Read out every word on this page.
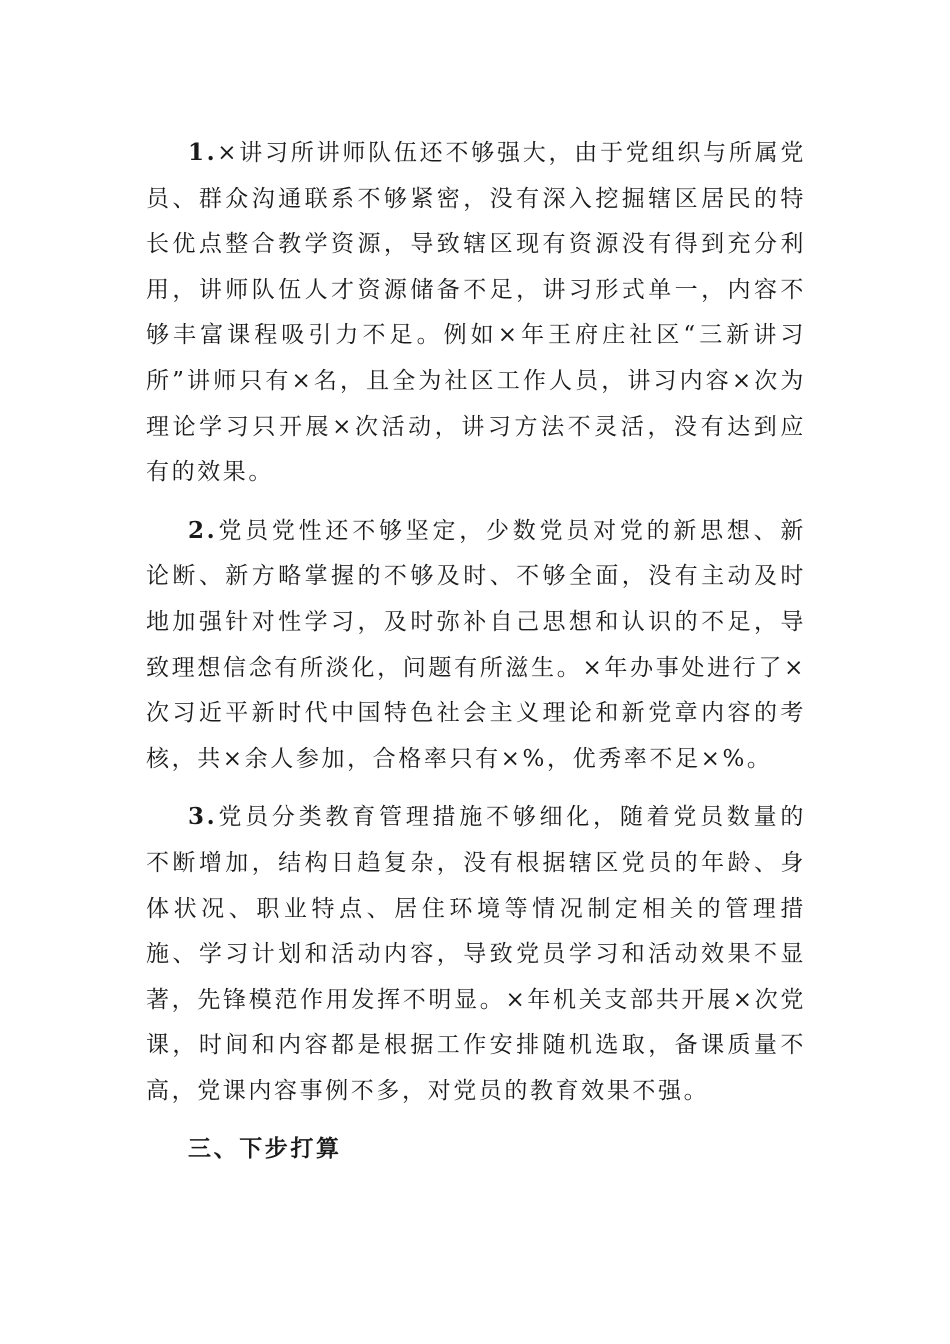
1.×讲习所讲师队伍还不够强大，由于党组织与所属党员、群众沟通联系不够紧密，没有深入挖掘辖区居民的特长优点整合教学资源，导致辖区现有资源没有得到充分利用，讲师队伍人才资源储备不足，讲习形式单一，内容不够丰富课程吸引力不足。例如×年王府庄社区“三新讲习所”讲师只有×名，且全为社区工作人员，讲习内容×次为理论学习只开展×次活动，讲习方法不灵活，没有达到应有的效果。

2.党员党性还不够坚定，少数党员对党的新思想、新论断、新方略掌握的不够及时、不够全面，没有主动及时地加强针对性学习，及时弥补自己思想和认识的不足，导致理想信念有所淡化，问题有所滋生。×年办事处进行了×次习近平新时代中国特色社会主义理论和新党章内容的考核，共×余人参加，合格率只有×%，优秀率不足×%。

3.党员分类教育管理措施不够细化，随着党员数量的不断增加，结构日趋复杂，没有根据辖区党员的年龄、身体状况、职业特点、居住环境等情况制定相关的管理措施、学习计划和活动内容，导致党员学习和活动效果不显著，先锋模范作用发挥不明显。×年机关支部共开展×次党课，时间和内容都是根据工作安排随机选取，备课质量不高，党课内容事例不多，对党员的教育效果不强。

三、下步打算
